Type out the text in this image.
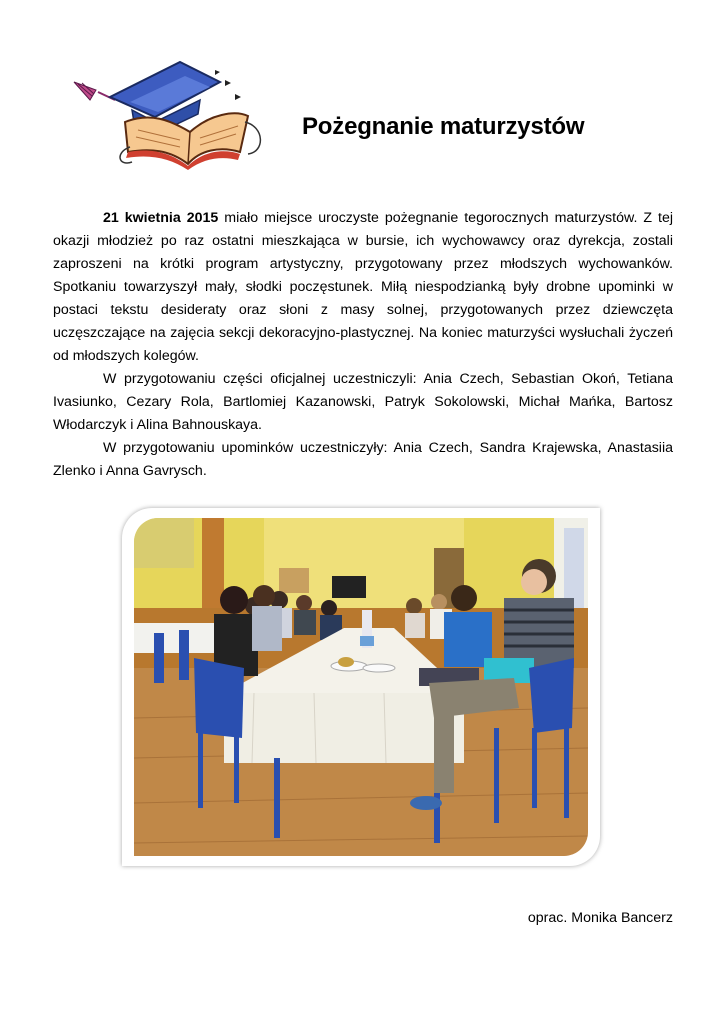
Pożegnanie maturzystów

21 kwietnia 2015 miało miejsce uroczyste pożegnanie tegorocznych maturzystów. Z tej okazji młodzież po raz ostatni mieszkająca w bursie, ich wychowawcy oraz dyrekcja, zostali zaproszeni na krótki program artystyczny, przygotowany przez młodszych wychowanków. Spotkaniu towarzyszył mały, słodki poczęstunek. Miłą niespodzianką były drobne upominki w postaci tekstu desideraty oraz słoni z masy solnej, przygotowanych przez dziewczęta uczęszczające na zajęcia sekcji dekoracyjno-plastycznej. Na koniec maturzyści wysłuchali życzeń od młodszych kolegów.

W przygotowaniu części oficjalnej uczestniczyli: Ania Czech, Sebastian Okoń, Tetiana Ivasiunko, Cezary Rola, Bartlomiej Kazanowski, Patryk Sokolowski, Michał Mańka, Bartosz Włodarczyk i Alina Bahnouskaya.

W przygotowaniu upominków uczestniczyły: Ania Czech, Sandra Krajewska, Anastasiia Zlenko i Anna Gavrysch.

oprac. Monika Bancerz
